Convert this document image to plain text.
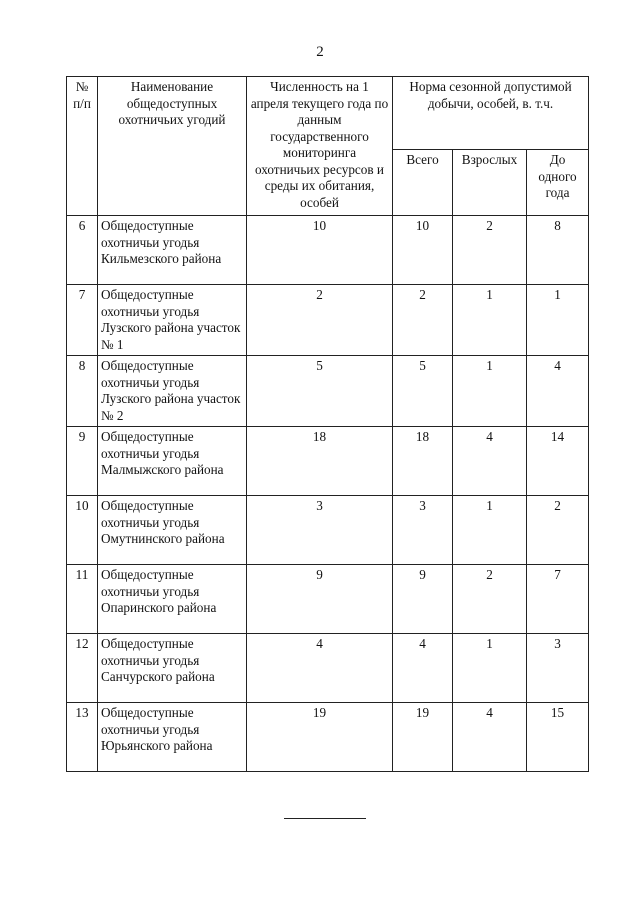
2
№ п/п	Наименование общедоступных охотничьих угодий	Численность на 1 апреля текущего года по данным государственного мониторинга охотничьих ресурсов и среды их обитания, особей	Норма сезонной допустимой добычи, особей, в. т.ч.		
			Всего	Взрослых	До одного года
6	Общедоступные охотничьи угодья Кильмезского района	10	10	2	8
7	Общедоступные охотничьи угодья Лузского района участок № 1	2	2	1	1
8	Общедоступные охотничьи угодья Лузского района участок № 2	5	5	1	4
9	Общедоступные охотничьи угодья Малмыжского района	18	18	4	14
10	Общедоступные охотничьи угодья Омутнинского района	3	3	1	2
11	Общедоступные охотничьи угодья Опаринского района	9	9	2	7
12	Общедоступные охотничьи угодья Санчурского района	4	4	1	3
13	Общедоступные охотничьи угодья Юрьянского района	19	19	4	15
